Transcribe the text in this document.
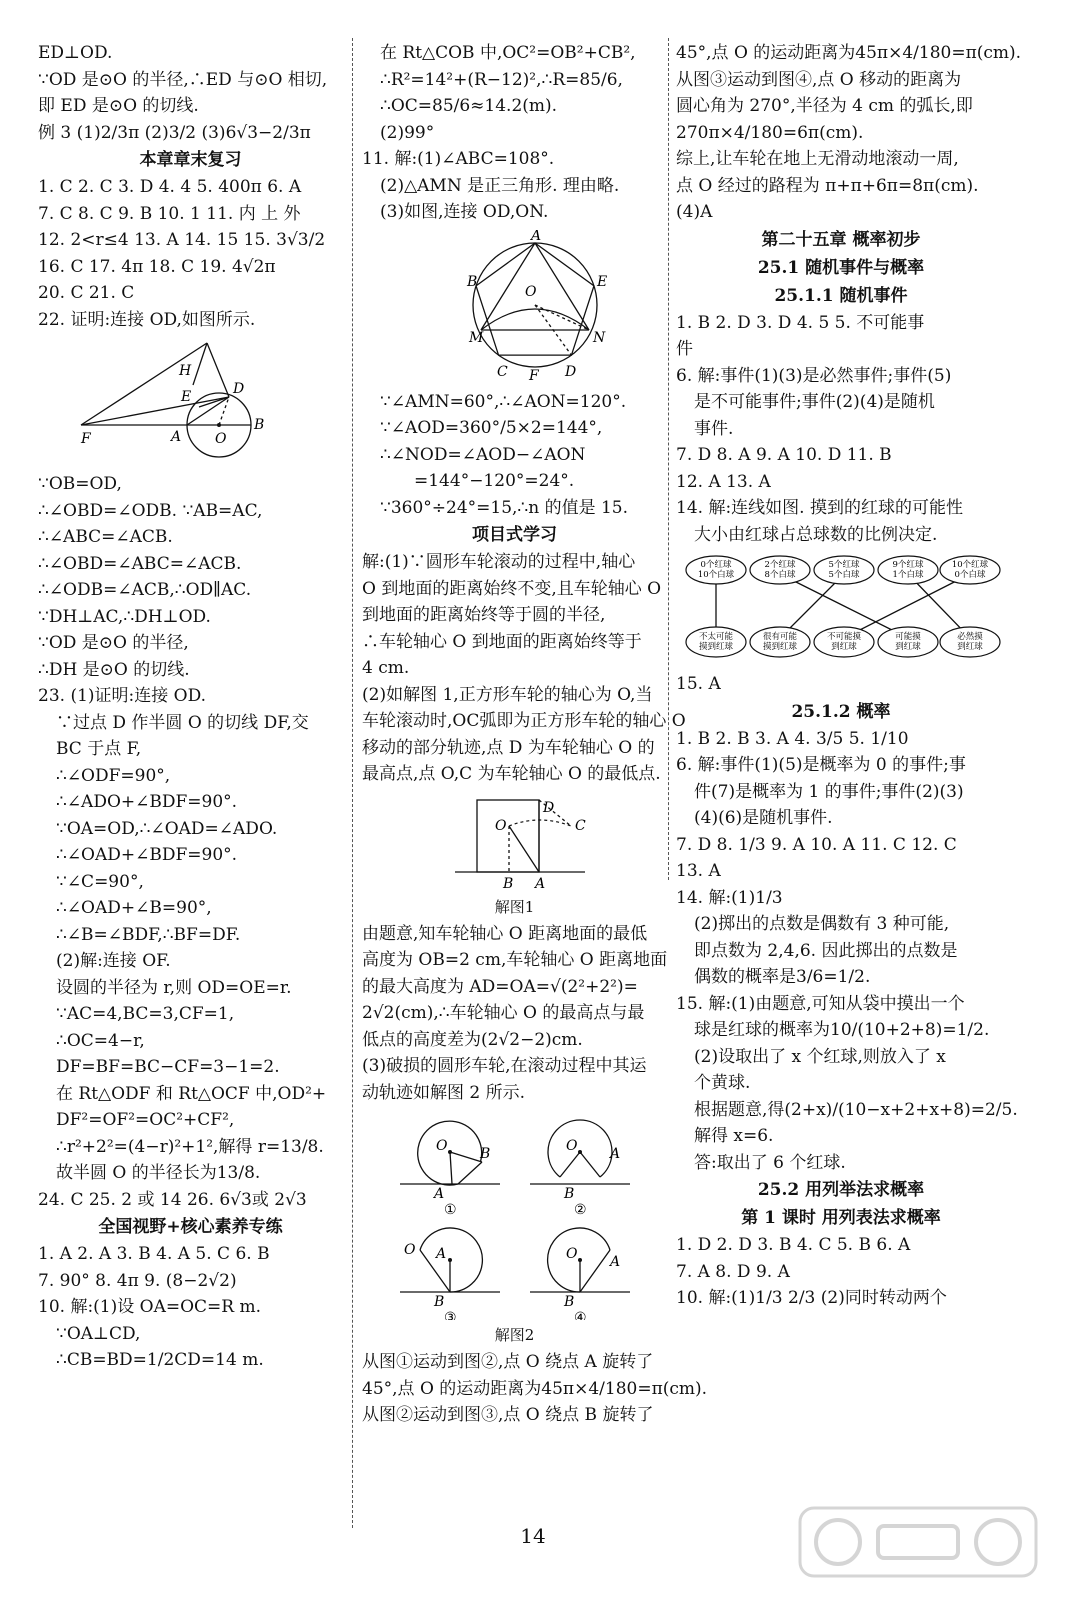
ED⊥OD.
∵OD 是⊙O 的半径,∴ED 与⊙O 相切,
即 ED 是⊙O 的切线.
例 3 (1)2/3π (2)3/2 (3)6√3−2/3π
本章章末复习
1. C 2. C 3. D 4. 4 5. 400π 6. A
7. C 8. C 9. B 10. 1 11. 内 上 外
12. 2<r≤4 13. A 14. 15 15. 3√3/2
16. C 17. 4π 18. C 19. 4√2π
20. C 21. C
22. 证明:连接 OD,如图所示.
H
D
E
F	A O
B
∵OB=OD,
∴∠OBD=∠ODB. ∵AB=AC,
∴∠ABC=∠ACB.
∴∠OBD=∠ABC=∠ACB.
∴∠ODB=∠ACB,∴OD∥AC.
∵DH⊥AC,∴DH⊥OD.
∵OD 是⊙O 的半径,
∴DH 是⊙O 的切线.
23. (1)证明:连接 OD.
∵过点 D 作半圆 O 的切线 DF,交
BC 于点 F,
∴∠ODF=90°,
∴∠ADO+∠BDF=90°.
∵OA=OD,∴∠OAD=∠ADO.
∴∠OAD+∠BDF=90°.
∵∠C=90°,
∴∠OAD+∠B=90°,
∴∠B=∠BDF,∴BF=DF.
(2)解:连接 OF.
设圆的半径为 r,则 OD=OE=r.
∵AC=4,BC=3,CF=1,
∴OC=4−r,
DF=BF=BC−CF=3−1=2.
在 Rt△ODF 和 Rt△OCF 中,OD²+
DF²=OF²=OC²+CF²,
∴r²+2²=(4−r)²+1²,解得 r=13/8.
故半圆 O 的半径长为13/8.
24. C 25. 2 或 14 26. 6√3或 2√3
全国视野+核心素养专练
1. A 2. A 3. B 4. A 5. C 6. B
7. 90° 8. 4π 9. (8−2√2)
10. 解:(1)设 OA=OC=R m.
∵OA⊥CD,
∴CB=BD=1/2CD=14 m.
在 Rt△COB 中,OC²=OB²+CB²,
∴R²=14²+(R−12)²,∴R=85/6,
∴OC=85/6≈14.2(m).
(2)99°
11. 解:(1)∠ABC=108°.
(2)△AMN 是正三角形. 理由略.
(3)如图,连接 OD,ON.
A
B	E
O
M	N
C	D
F
∵∠AMN=60°,∴∠AON=120°.
∵∠AOD=360°/5×2=144°,
∴∠NOD=∠AOD−∠AON
=144°−120°=24°.
∵360°÷24°=15,∴n 的值是 15.
项目式学习
解:(1)∵圆形车轮滚动的过程中,轴心
O 到地面的距离始终不变,且车轮轴心 O
到地面的距离始终等于圆的半径,
∴车轮轴心 O 到地面的距离始终等于
4 cm.
(2)如解图 1,正方形车轮的轴心为 O,当
车轮滚动时,OC弧即为正方形车轮的轴心 O
移动的部分轨迹,点 D 为车轮轴心 O 的
最高点,点 O,C 为车轮轴心 O 的最低点.
D
O	C
B A
解图1
由题意,知车轮轴心 O 距离地面的最低
高度为 OB=2 cm,车轮轴心 O 距离地面
的最大高度为 AD=OA=√(2²+2²)=
2√2(cm),∴车轮轴心 O 的最高点与最
低点的高度差为(2√2−2)cm.
(3)破损的圆形车轮,在滚动过程中其运
动轨迹如解图 2 所示.
O B
A
①
O A
B
②
A
O
B
③
O A
B
④
解图2
从图①运动到图②,点 O 绕点 A 旋转了
45°,点 O 的运动距离为45π×4/180=π(cm).
从图②运动到图③,点 O 绕点 B 旋转了
45°,点 O 的运动距离为45π×4/180=π(cm).
从图③运动到图④,点 O 移动的距离为
圆心角为 270°,半径为 4 cm 的弧长,即
270π×4/180=6π(cm).
综上,让车轮在地上无滑动地滚动一周,
点 O 经过的路程为 π+π+6π=8π(cm).
(4)A
第二十五章 概率初步
25.1 随机事件与概率
25.1.1 随机事件
1. B 2. D 3. D 4. 5 5. 不可能事
件
6. 解:事件(1)(3)是必然事件;事件(5)
是不可能事件;事件(2)(4)是随机
事件.
7. D 8. A 9. A 10. D 11. B
12. A 13. A
14. 解:连线如图. 摸到的红球的可能性
大小由红球占总球数的比例决定.
0个红球
10个白球
不太可能
摸到红球
2个红球
8个白球
很有可能
摸到红球
5个红球
5个白球
不可能摸
到红球
9个红球
1个白球
可能摸
到红球
10个红球
0个白球
必然摸
到红球
15. A
25.1.2 概率
1. B 2. B 3. A 4. 3/5 5. 1/10
6. 解:事件(1)(5)是概率为 0 的事件;事
件(7)是概率为 1 的事件;事件(2)(3)
(4)(6)是随机事件.
7. D 8. 1/3 9. A 10. A 11. C 12. C
13. A
14. 解:(1)1/3
(2)掷出的点数是偶数有 3 种可能,
即点数为 2,4,6. 因此掷出的点数是
偶数的概率是3/6=1/2.
15. 解:(1)由题意,可知从袋中摸出一个
球是红球的概率为10/(10+2+8)=1/2.
(2)设取出了 x 个红球,则放入了 x
个黄球.
根据题意,得(2+x)/(10−x+2+x+8)=2/5.
解得 x=6.
答:取出了 6 个红球.
25.2 用列举法求概率
第 1 课时 用列表法求概率
1. D 2. D 3. B 4. C 5. B 6. A
7. A 8. D 9. A
10. 解:(1)1/3 2/3 (2)同时转动两个
14
